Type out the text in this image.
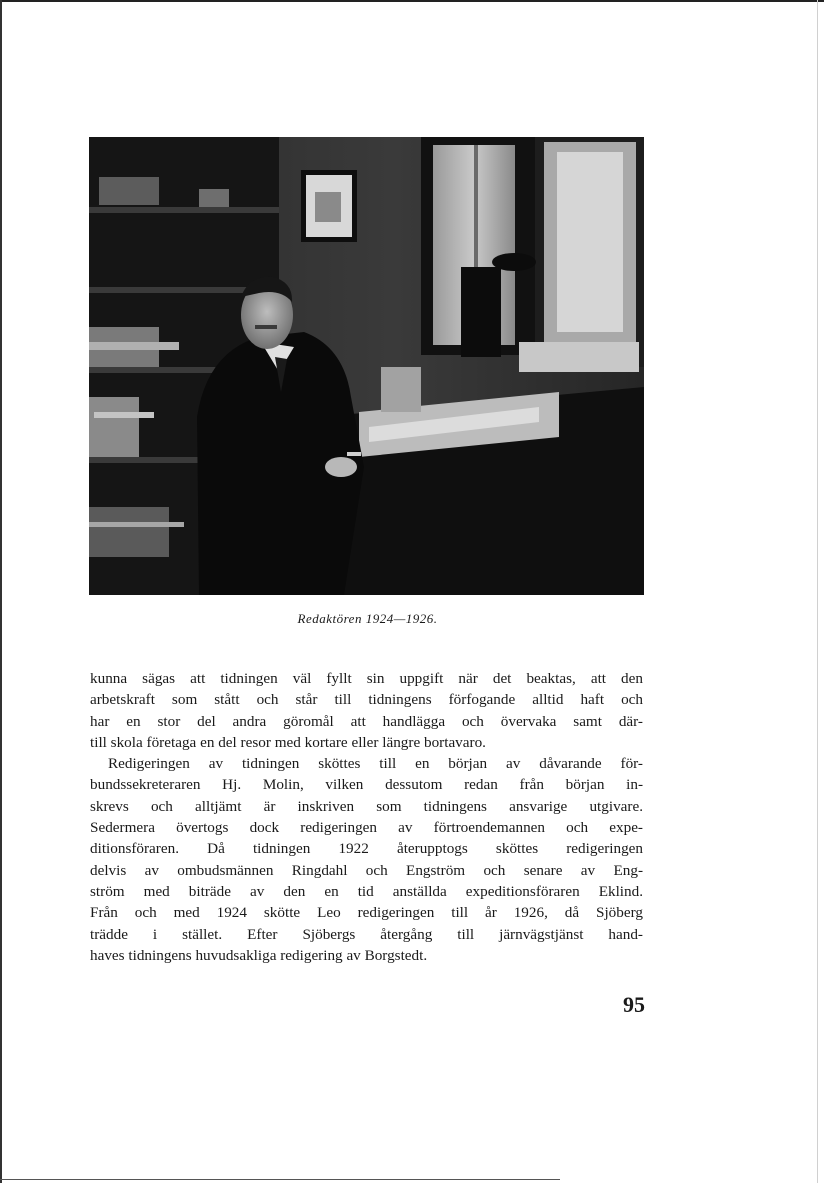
Redaktören 1924—1926.

kunna sägas att tidningen väl fyllt sin uppgift när det beaktas, att den

arbetskraft som stått och står till tidningens förfogande alltid haft och

har en stor del andra göromål att handlägga och övervaka samt där-

till skola företaga en del resor med kortare eller längre bortavaro.

Redigeringen av tidningen sköttes till en början av dåvarande för-

bundssekreteraren Hj. Molin, vilken dessutom redan från början in-

skrevs och alltjämt är inskriven som tidningens ansvarige utgivare.

Sedermera övertogs dock redigeringen av förtroendemannen och expe-

ditionsföraren. Då tidningen 1922 återupptogs sköttes redigeringen

delvis av ombudsmännen Ringdahl och Engström och senare av Eng-

ström med biträde av den en tid anställda expeditionsföraren Eklind.

Från och med 1924 skötte Leo redigeringen till år 1926, då Sjöberg

trädde i stället. Efter Sjöbergs återgång till järnvägstjänst hand-

haves tidningens huvudsakliga redigering av Borgstedt.

95
